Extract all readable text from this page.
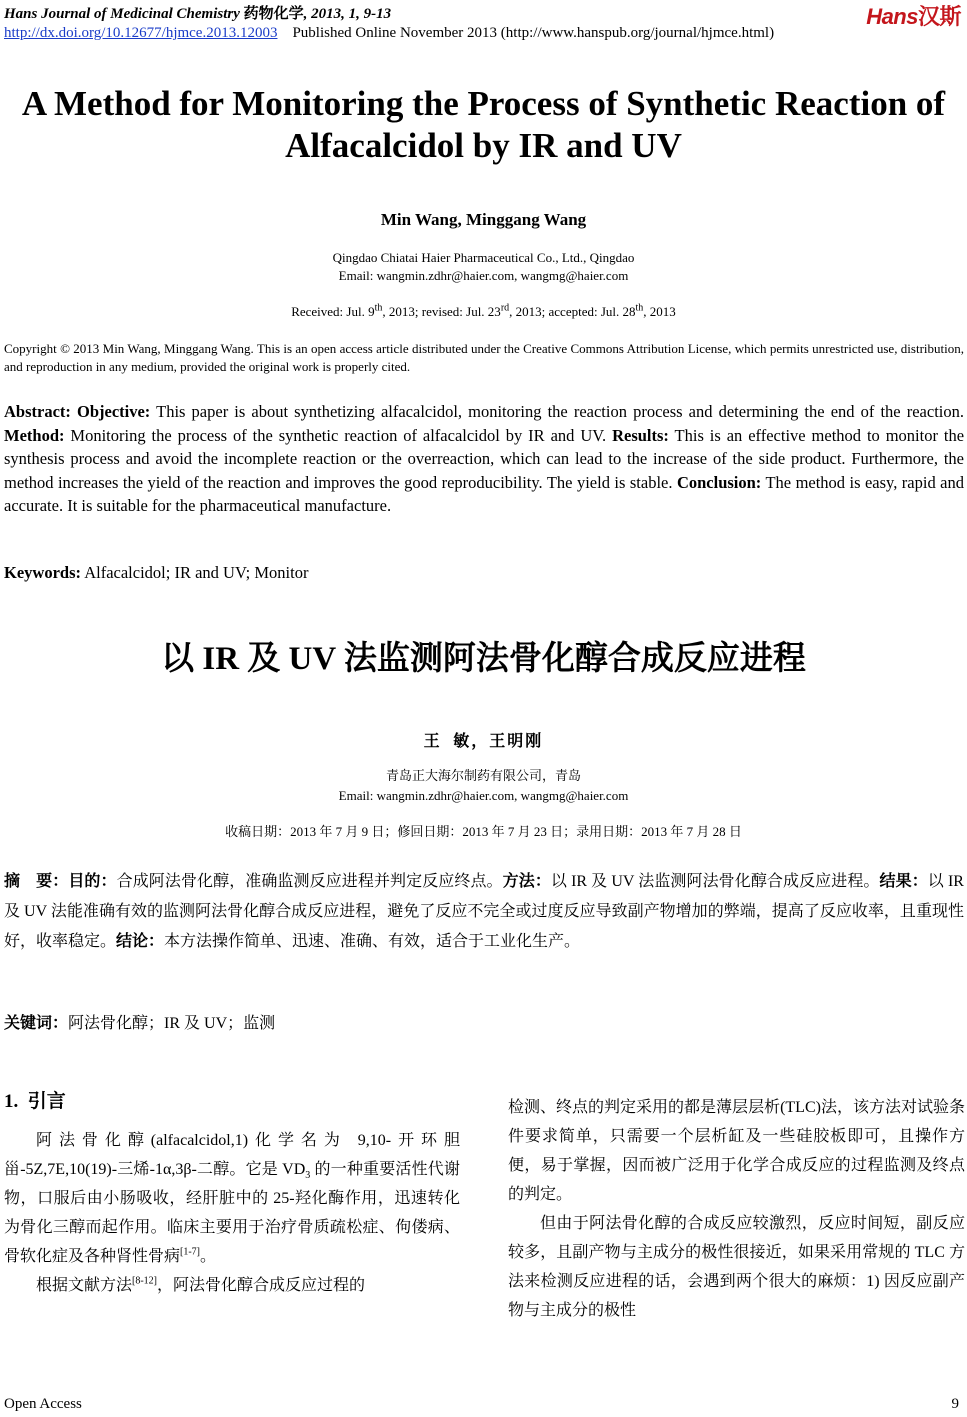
Hans Journal of Medicinal Chemistry 药物化学, 2013, 1, 9-13	Hans汉斯
http://dx.doi.org/10.12677/hjmce.2013.12003 Published Online November 2013 (http://www.hanspub.org/journal/hjmce.html)
A Method for Monitoring the Process of Synthetic Reaction of
Alfacalcidol by IR and UV
Min Wang, Minggang Wang
Qingdao Chiatai Haier Pharmaceutical Co., Ltd., Qingdao
Email: wangmin.zdhr@haier.com, wangmg@haier.com
Received: Jul. 9th, 2013; revised: Jul. 23rd, 2013; accepted: Jul. 28th, 2013
Copyright © 2013 Min Wang, Minggang Wang. This is an open access article distributed under the Creative Commons Attribution License, which permits unrestricted use, distribution, and reproduction in any medium, provided the original work is properly cited.
Abstract: Objective: This paper is about synthetizing alfacalcidol, monitoring the reaction process and determining the end of the reaction. Method: Monitoring the process of the synthetic reaction of alfacalcidol by IR and UV. Results: This is an effective method to monitor the synthesis process and avoid the incomplete reaction or the overreaction, which can lead to the increase of the side product. Furthermore, the method increases the yield of the reaction and improves the good reproducibility. The yield is stable. Conclusion: The method is easy, rapid and accurate. It is suitable for the pharmaceutical manufacture.
Keywords: Alfacalcidol; IR and UV; Monitor
以 IR 及 UV 法监测阿法骨化醇合成反应进程
王 敏，王明刚
青岛正大海尔制药有限公司，青岛
Email: wangmin.zdhr@haier.com, wangmg@haier.com
收稿日期：2013 年 7 月 9 日；修回日期：2013 年 7 月 23 日；录用日期：2013 年 7 月 28 日
摘　要：目的：合成阿法骨化醇，准确监测反应进程并判定反应终点。方法：以 IR 及 UV 法监测阿法骨化醇合成反应进程。结果：以 IR 及 UV 法能准确有效的监测阿法骨化醇合成反应进程，避免了反应不完全或过度反应导致副产物增加的弊端，提高了反应收率，且重现性好，收率稳定。结论：本方法操作简单、迅速、准确、有效，适合于工业化生产。
关键词：阿法骨化醇；IR 及 UV；监测
1. 引言

阿法骨化醇(alfacalcidol,1)化学名为 9,10-开环胆甾-5Z,7E,10(19)-三烯-1α,3β-二醇。它是 $VD_3$ 的一种重要活性代谢物，口服后由小肠吸收，经肝脏中的 25-羟化酶作用，迅速转化为骨化三醇而起作用。临床主要用于治疗骨质疏松症、佝偻病、骨软化症及各种肾性骨病[1-7]。

根据文献方法[8-12]，阿法骨化醇合成反应过程的

检测、终点的判定采用的都是薄层层析(TLC)法，该方法对试验条件要求简单，只需要一个层析缸及一些硅胶板即可，且操作方便，易于掌握，因而被广泛用于化学合成反应的过程监测及终点的判定。

但由于阿法骨化醇的合成反应较激烈，反应时间短，副反应较多，且副产物与主成分的极性很接近，如果采用常规的 TLC 方法来检测反应进程的话，会遇到两个很大的麻烦：1) 因反应副产物与主成分的极性

Open Access	9
